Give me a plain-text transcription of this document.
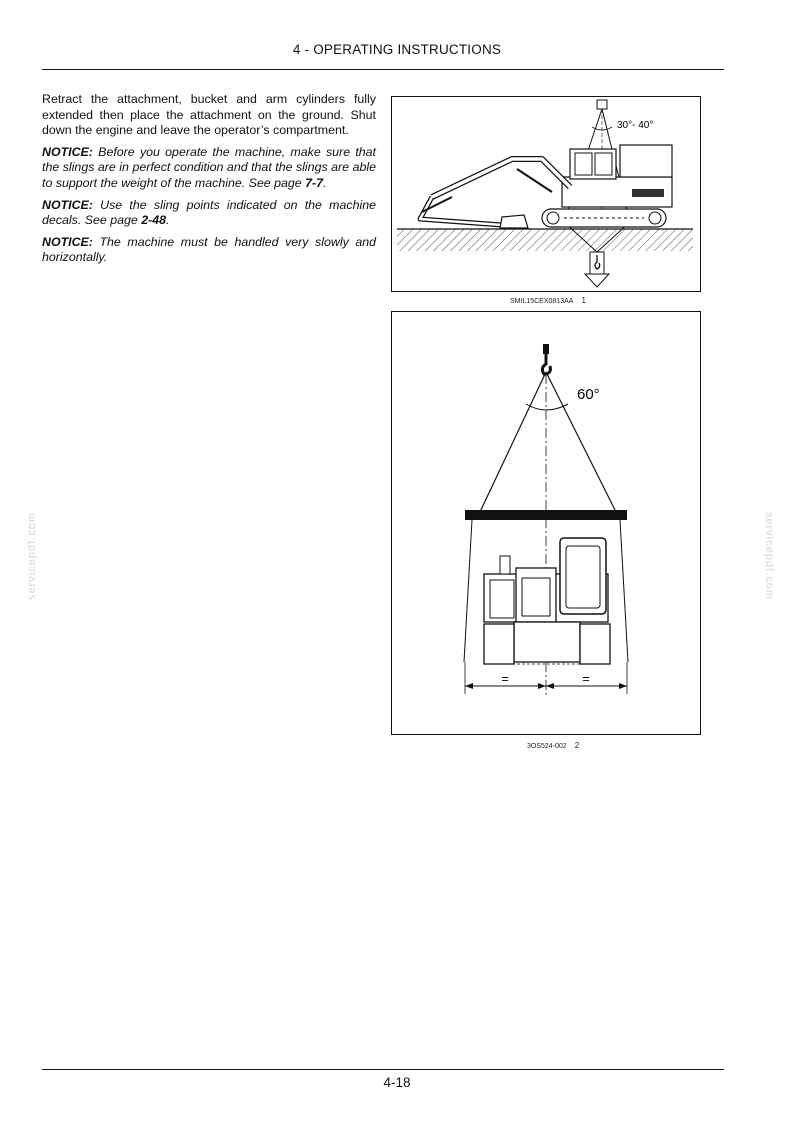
4 - OPERATING INSTRUCTIONS

Retract the attachment, bucket and arm cylinders fully extended then place the attachment on the ground. Shut down the engine and leave the operator’s compartment.

NOTICE: Before you operate the machine, make sure that the slings are in perfect condition and that the slings are able to support the weight of the machine. See page 7-7.

NOTICE: Use the sling points indicated on the machine decals. See page 2-48.

NOTICE: The machine must be handled very slowly and horizontally.

30°- 40°
SMIL15CEX0813AA 1
60°
=	=
3OS524-002 2
servicepdf.com	servicepdf.com
4-18
